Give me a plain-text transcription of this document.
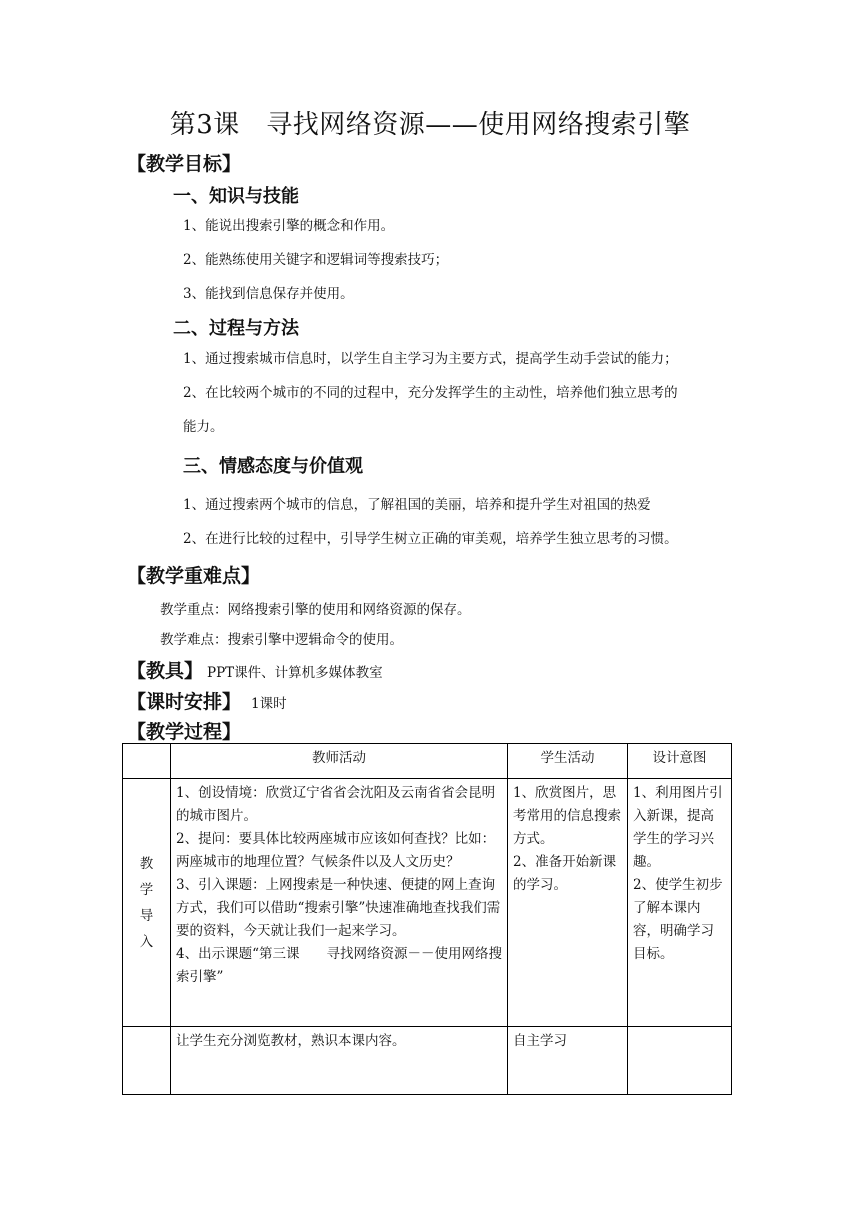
第3课　寻找网络资源——使用网络搜索引擎
【教学目标】
一、知识与技能
1、能说出搜索引擎的概念和作用。
2、能熟练使用关键字和逻辑词等搜索技巧；
3、能找到信息保存并使用。
二、过程与方法
1、通过搜索城市信息时，以学生自主学习为主要方式，提高学生动手尝试的能力；
2、在比较两个城市的不同的过程中，充分发挥学生的主动性，培养他们独立思考的
能力。
三、情感态度与价值观
1、通过搜索两个城市的信息，了解祖国的美丽，培养和提升学生对祖国的热爱
2、在进行比较的过程中，引导学生树立正确的审美观，培养学生独立思考的习惯。
【教学重难点】
教学重点：网络搜索引擎的使用和网络资源的保存。
教学难点：搜索引擎中逻辑命令的使用。
【教具】 PPT课件、计算机多媒体教室
【课时安排】 1课时
【教学过程】
	教师活动	学生活动	设计意图

教
学
导
入	1、创设情境：欣赏辽宁省省会沈阳及云南省省会昆明的城市图片。
2、提问：要具体比较两座城市应该如何查找？比如：两座城市的地理位置？气候条件以及人文历史？
3、引入课题：上网搜索是一种快速、便捷的网上查询方式，我们可以借助“搜索引擎”快速准确地查找我们需要的资料，今天就让我们一起来学习。
4、出示课题“第三课　　寻找网络资源－－使用网络搜索引擎”	1、欣赏图片，思考常用的信息搜索方式。
2、准备开始新课的学习。	1、利用图片引入新课，提高学生的学习兴趣。
2、使学生初步了解本课内容，明确学习目标。

	让学生充分浏览教材，熟识本课内容。	自主学习	
